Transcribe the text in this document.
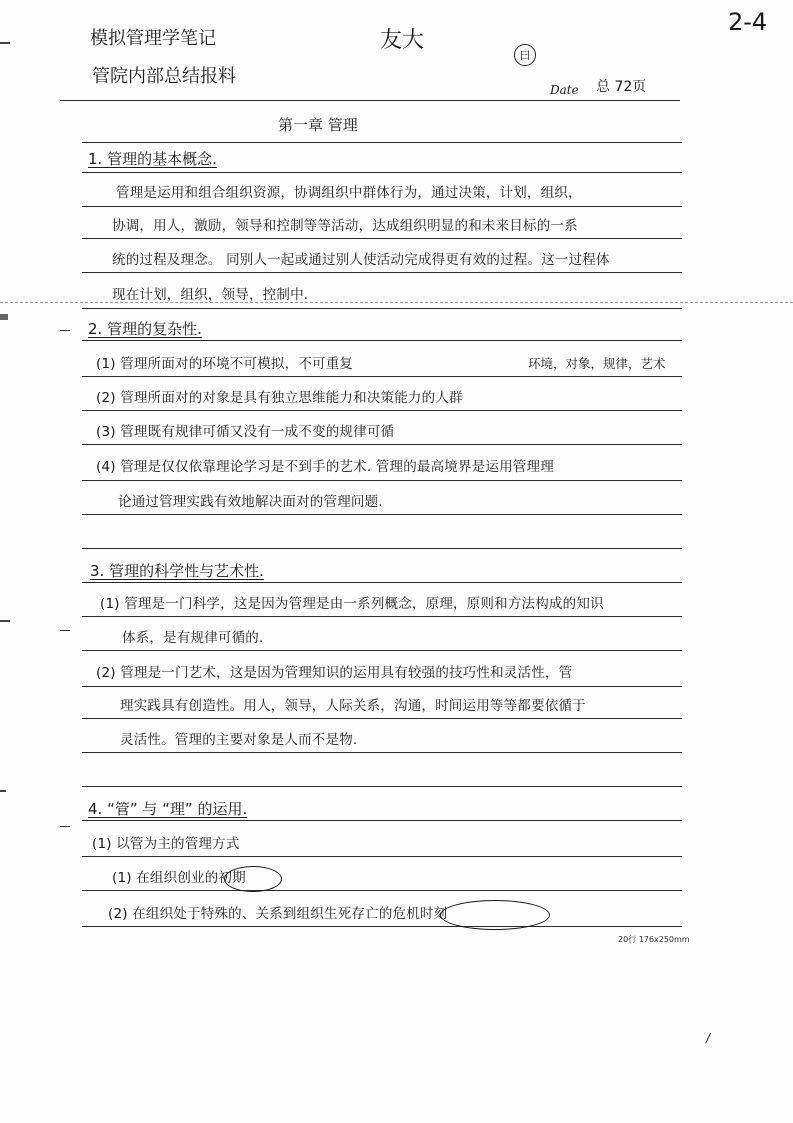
2-4
模拟管理学笔记
管院内部总结报料
友大
曰
Date 总 72页
第一章 管理
1. 管理的基本概念.
管理是运用和组合组织资源，协调组织中群体行为，通过决策，计划，组织，
协调，用人，激励，领导和控制等等活动，达成组织明显的和未来目标的一系
统的过程及理念。 同别人一起或通过别人使活动完成得更有效的过程。这一过程体
现在计划，组织，领导，控制中.
2. 管理的复杂性.
(1) 管理所面对的环境不可模拟，不可重复	环境，对象，规律，艺术
(2) 管理所面对的对象是具有独立思维能力和决策能力的人群
(3) 管理既有规律可循又没有一成不变的规律可循
(4) 管理是仅仅依靠理论学习是不到手的艺术. 管理的最高境界是运用管理理
论通过管理实践有效地解决面对的管理问题.
3. 管理的科学性与艺术性.
(1) 管理是一门科学，这是因为管理是由一系列概念，原理，原则和方法构成的知识
体系，是有规律可循的.
(2) 管理是一门艺术，这是因为管理知识的运用具有较强的技巧性和灵活性，管
理实践具有创造性。用人，领导，人际关系，沟通，时间运用等等都要依循于
灵活性。管理的主要对象是人而不是物.
4. “管” 与 “理” 的运用.
(1) 以管为主的管理方式
(1) 在组织创业的初期
(2) 在组织处于特殊的、关系到组织生死存亡的危机时刻
20行 176x250mm
/
